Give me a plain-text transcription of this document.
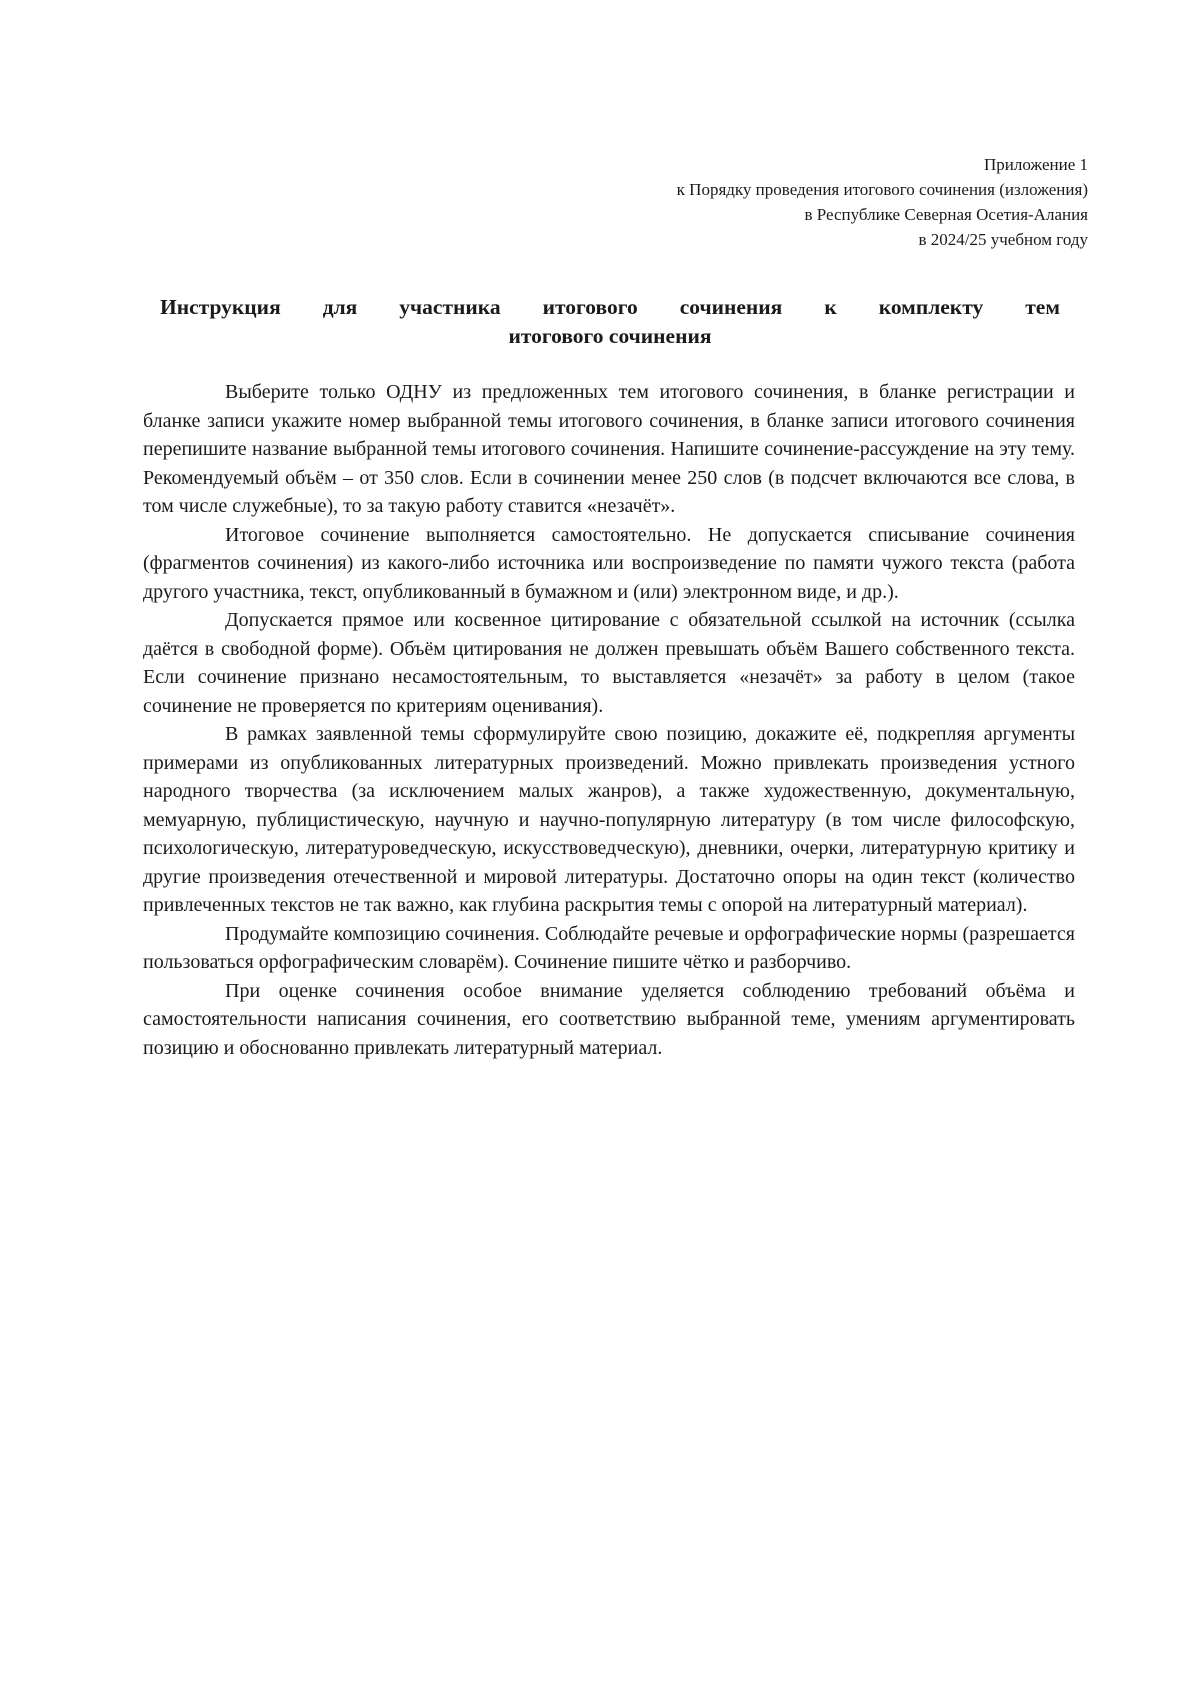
Приложение 1
к Порядку проведения итогового сочинения (изложения)
в Республике Северная Осетия-Алания
в 2024/25 учебном году
Инструкция для участника итогового сочинения к комплекту тем
итогового сочинения

Выберите только ОДНУ из предложенных тем итогового сочинения, в бланке регистрации и бланке записи укажите номер выбранной темы итогового сочинения, в бланке записи итогового сочинения перепишите название выбранной темы итогового сочинения. Напишите сочинение-рассуждение на эту тему. Рекомендуемый объём – от 350 слов. Если в сочинении менее 250 слов (в подсчет включаются все слова, в том числе служебные), то за такую работу ставится «незачёт».

Итоговое сочинение выполняется самостоятельно. Не допускается списывание сочинения (фрагментов сочинения) из какого-либо источника или воспроизведение по памяти чужого текста (работа другого участника, текст, опубликованный в бумажном и (или) электронном виде, и др.).

Допускается прямое или косвенное цитирование с обязательной ссылкой на источник (ссылка даётся в свободной форме). Объём цитирования не должен превышать объём Вашего собственного текста. Если сочинение признано несамостоятельным, то выставляется «незачёт» за работу в целом (такое сочинение не проверяется по критериям оценивания).

В рамках заявленной темы сформулируйте свою позицию, докажите её, подкрепляя аргументы примерами из опубликованных литературных произведений. Можно привлекать произведения устного народного творчества (за исключением малых жанров), а также художественную, документальную, мемуарную, публицистическую, научную и научно-популярную литературу (в том числе философскую, психологическую, литературоведческую, искусствоведческую), дневники, очерки, литературную критику и другие произведения отечественной и мировой литературы. Достаточно опоры на один текст (количество привлеченных текстов не так важно, как глубина раскрытия темы с опорой на литературный материал).

Продумайте композицию сочинения. Соблюдайте речевые и орфографические нормы (разрешается пользоваться орфографическим словарём). Сочинение пишите чётко и разборчиво.

При оценке сочинения особое внимание уделяется соблюдению требований объёма и самостоятельности написания сочинения, его соответствию выбранной теме, умениям аргументировать позицию и обоснованно привлекать литературный материал.
